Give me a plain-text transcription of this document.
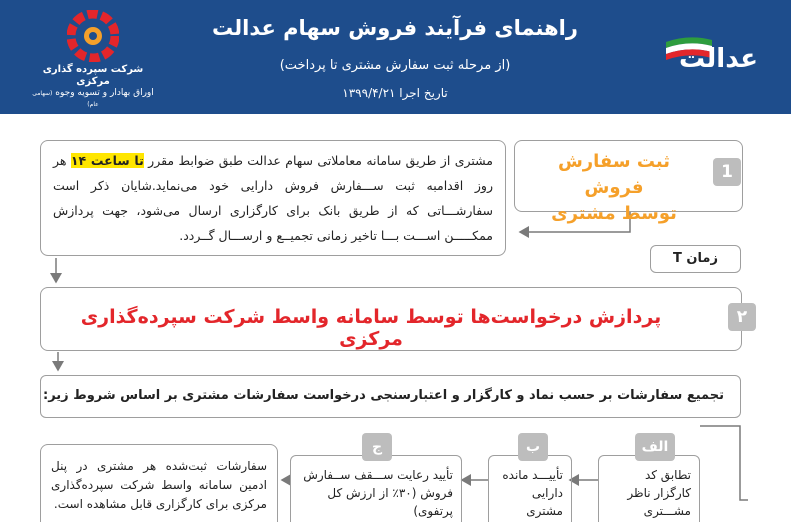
شرکت سپرده گذاری مرکزی
اوراق بهادار و تسویه وجوه (سهامی عام)
راهنمای فرآیند فروش سهام عدالت
(از مرحله ثبت سفارش مشتری تا پرداخت)
تاریخ اجرا ۱۳۹۹/۴/۲۱
عدالت
ثبت سفارش فروش
توسط مشتری
1
مشتری از طریق سامانه معاملاتی سهام عدالت طبق ضوابط مقرر تا ساعت ۱۴ هر روز اقدامبه ثبت ســـفارش فروش دارایی خود می‌نماید.شایان ذکر است سفارشـــاتی که از طریق بانک برای کارگزاری ارسال می‌شود، جهت پردازش ممکـــــن اســـت بـــا تاخیر زمانی تجمیــع و ارســـال گــردد.
زمان T
پردازش درخواست‌ها توسط سامانه واسط شرکت سپرده‌گذاری مرکزی
۲
تجمیع سفارشات بر حسب نماد و کارگزار و اعتبارسنجی درخواست سفارشات مشتری بر اساس شروط زیر:
تطابق کد کارگزار ناظر مشـــتری
الف
تأییـــد مانده دارایی مشتری
ب
تأیید رعایت ســـقف ســفارش فروش (۳۰٪ از ارزش کل پرتفوی)
ج
سفارشات ثبت‌شده هر مشتری در پنل ادمین سامانه واسط شرکت سپرده‌گذاری مرکزی برای کارگزاری قابل مشاهده است.
